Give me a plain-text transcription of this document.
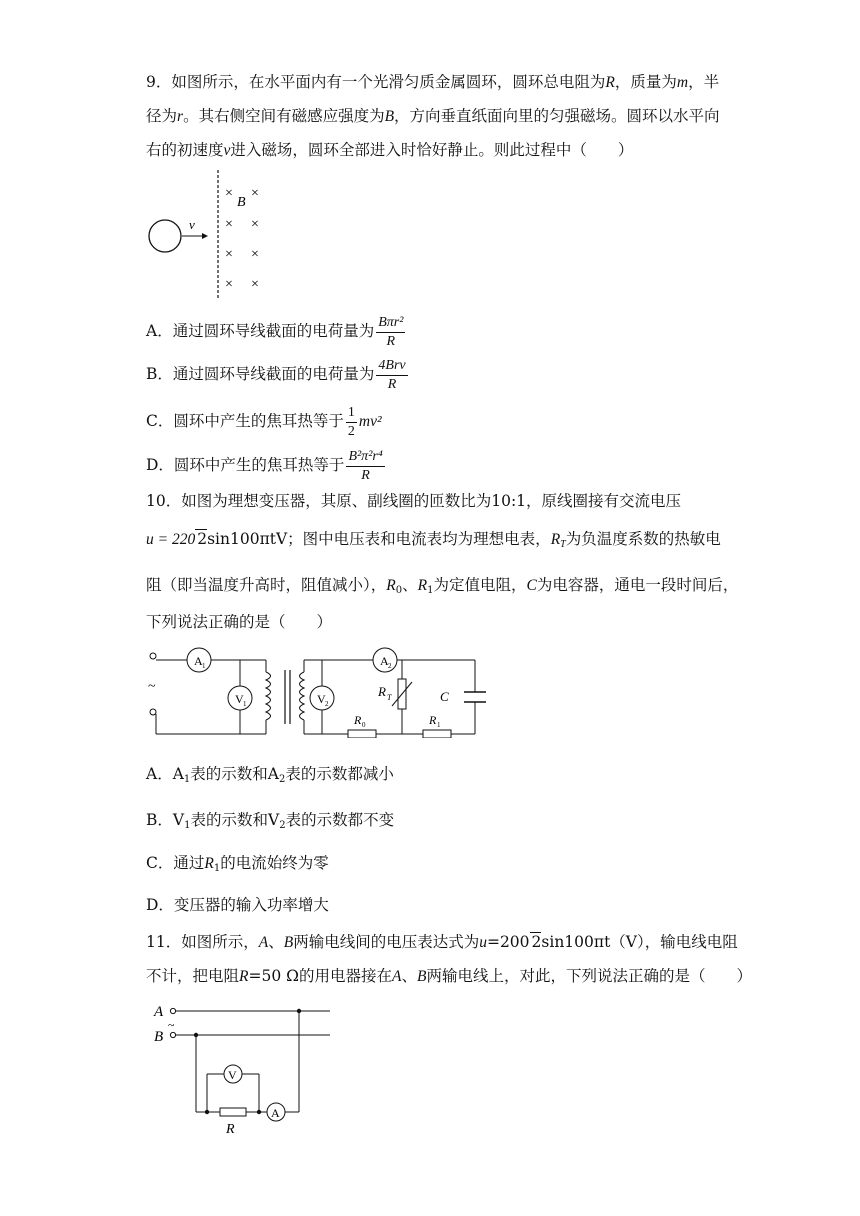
9．如图所示，在水平面内有一个光滑匀质金属圆环，圆环总电阻为R，质量为m，半
径为r。其右侧空间有磁感应强度为B，方向垂直纸面向里的匀强磁场。圆环以水平向
右的初速度v进入磁场，圆环全部进入时恰好静止。则此过程中（　　）
v
×
B
×
× ×
× ×
× ×
A．通过圆环导线截面的电荷量为 $\frac{\text{Bπr²}}{R}$
B．通过圆环导线截面的电荷量为 $\frac{\text{4Brv}}{R}$
C．圆环中产生的焦耳热等于 $\frac{1}{2} mv^2$
D．圆环中产生的焦耳热等于 $\frac{\text{B²π²r⁴}}{R}$
10．如图为理想变压器，其原、副线圈的匝数比为10:1，原线圈接有交流电压
u = 220 2sin100πtV；图中电压表和电流表均为理想电表，$R_T$为负温度系数的热敏电
阻（即当温度升高时，阻值减小），$R_0$、$R_1$为定值电阻，C为电容器，通电一段时间后，
下列说法正确的是（　　）
~
A 1
V 1
A 2
V 2
R T	C
R 0	R 1
A．$A_1$表的示数和$A_2$表的示数都减小
B．$V_1$表的示数和$V_2$表的示数都不变
C．通过$R_1$的电流始终为零
D．变压器的输入功率增大
11．如图所示，A、B两输电线间的电压表达式为u=200 2sin100πt（V），输电线电阻
不计，把电阻R=50 Ω的用电器接在A、B两输电线上，对此，下列说法正确的是（　　）
A
B
~
V
R
A
